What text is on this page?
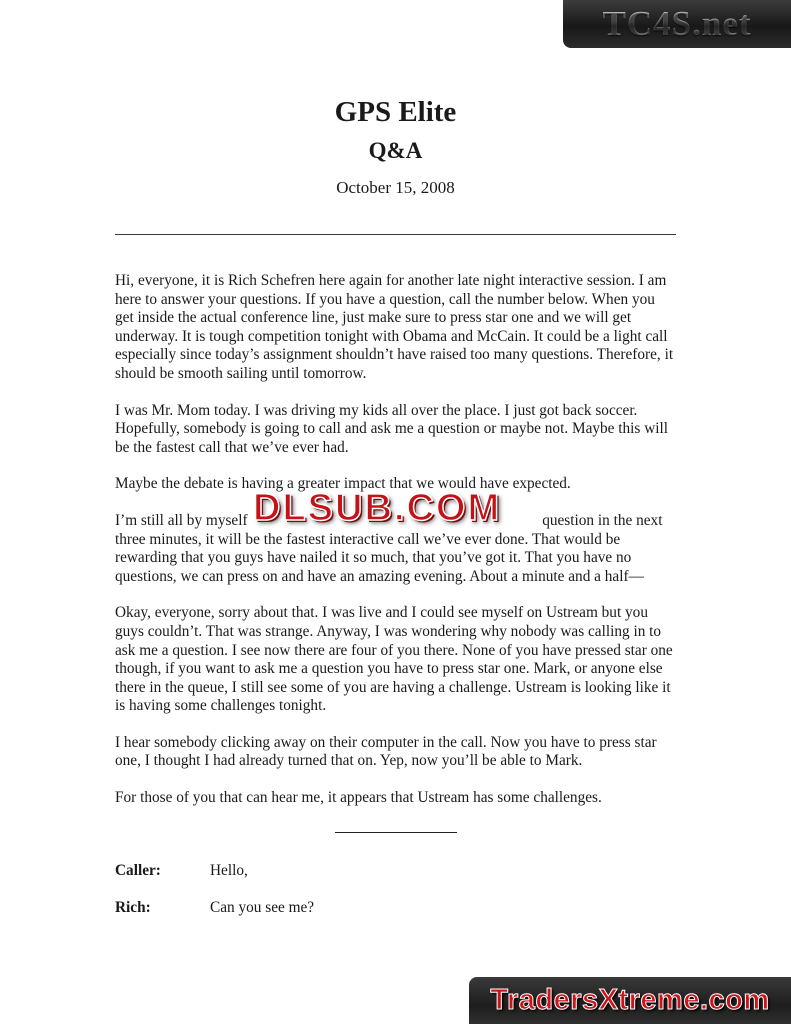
TC4S.net
GPS Elite
Q&A
October 15, 2008

Hi, everyone, it is Rich Schefren here again for another late night interactive session. I am here to answer your questions. If you have a question, call the number below. When you get inside the actual conference line, just make sure to press star one and we will get underway. It is tough competition tonight with Obama and McCain. It could be a light call especially since today’s assignment shouldn’t have raised too many questions. Therefore, it should be smooth sailing until tomorrow.

I was Mr. Mom today. I was driving my kids all over the place. I just got back soccer. Hopefully, somebody is going to call and ask me a question or maybe not. Maybe this will be the fastest call that we’ve ever had.

Maybe the debate is having a greater impact that we would have expected.

I’m still all by myself	question in the next three minutes, it will be the fastest interactive call we’ve ever done. That would be rewarding that you guys have nailed it so much, that you’ve got it. That you have no questions, we can press on and have an amazing evening. About a minute and a half—
DLSUB.COM

Okay, everyone, sorry about that. I was live and I could see myself on Ustream but you guys couldn’t. That was strange. Anyway, I was wondering why nobody was calling in to ask me a question. I see now there are four of you there. None of you have pressed star one though, if you want to ask me a question you have to press star one. Mark, or anyone else there in the queue, I still see some of you are having a challenge. Ustream is looking like it is having some challenges tonight.

I hear somebody clicking away on their computer in the call. Now you have to press star one, I thought I had already turned that on. Yep, now you’ll be able to Mark.

For those of you that can hear me, it appears that Ustream has some challenges.

Caller:	Hello,
Rich:	Can you see me?
TradersXtreme.com
